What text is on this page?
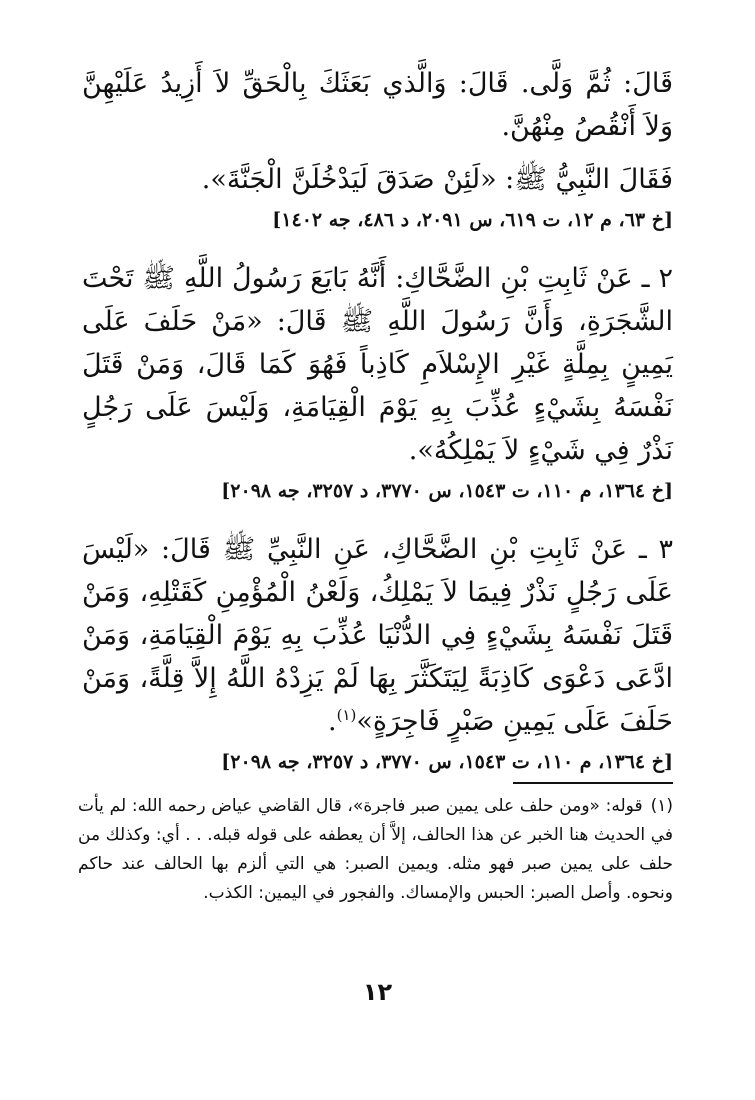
قَالَ: ثُمَّ وَلَّى. قَالَ: وَالَّذي بَعَثَكَ بِالْحَقِّ لاَ أَزِيدُ عَلَيْهِنَّ وَلاَ أَنْقُصُ مِنْهُنَّ.

فَقَالَ النَّبِيُّ ﷺ: «لَئِنْ صَدَقَ لَيَدْخُلَنَّ الْجَنَّةَ».

[خ ٦٣، م ١٢، ت ٦١٩، س ٢٠٩١، د ٤٨٦، جه ١٤٠٢]

٢ ـ عَنْ ثَابِتِ بْنِ الضَّحَّاكِ: أَنَّهُ بَايَعَ رَسُولُ اللَّهِ ﷺ تَحْتَ الشَّجَرَةِ، وَأَنَّ رَسُولَ اللَّهِ ﷺ قَالَ: «مَنْ حَلَفَ عَلَى يَمِينٍ بِمِلَّةٍ غَيْرِ الإِسْلاَمِ كَاذِباً فَهُوَ كَمَا قَالَ، وَمَنْ قَتَلَ نَفْسَهُ بِشَيْءٍ عُذِّبَ بِهِ يَوْمَ الْقِيَامَةِ، وَلَيْسَ عَلَى رَجُلٍ نَذْرٌ فِي شَيْءٍ لاَ يَمْلِكُهُ».

[خ ١٣٦٤، م ١١٠، ت ١٥٤٣، س ٣٧٧٠، د ٣٢٥٧، جه ٢٠٩٨]

٣ ـ عَنْ ثَابِتِ بْنِ الضَّحَّاكِ، عَنِ النَّبِيِّ ﷺ قَالَ: «لَيْسَ عَلَى رَجُلٍ نَذْرٌ فِيمَا لاَ يَمْلِكُ، وَلَعْنُ الْمُؤْمِنِ كَقَتْلِهِ، وَمَنْ قَتَلَ نَفْسَهُ بِشَيْءٍ فِي الدُّنْيَا عُذِّبَ بِهِ يَوْمَ الْقِيَامَةِ، وَمَنْ ادَّعَى دَعْوَى كَاذِبَةً لِيَتَكَثَّرَ بِهَا لَمْ يَزِدْهُ اللَّهُ إِلاَّ قِلَّةً، وَمَنْ حَلَفَ عَلَى يَمِينِ صَبْرٍ فَاجِرَةٍ»$^{(١)}$.

[خ ١٣٦٤، م ١١٠، ت ١٥٤٣، س ٣٧٧٠، د ٣٢٥٧، جه ٢٠٩٨]
(١)قوله: «ومن حلف على يمين صبر فاجرة»، قال القاضي عياض رحمه الله: لم يأت في الحديث هنا الخبر عن هذا الحالف، إلاَّ أن يعطفه على قوله قبله. . . أي: وكذلك من حلف على يمين صبر فهو مثله. ويمين الصبر: هي التي ألزم بها الحالف عند حاكم ونحوه. وأصل الصبر: الحبس والإمساك. والفجور في اليمين: الكذب.
١٢
